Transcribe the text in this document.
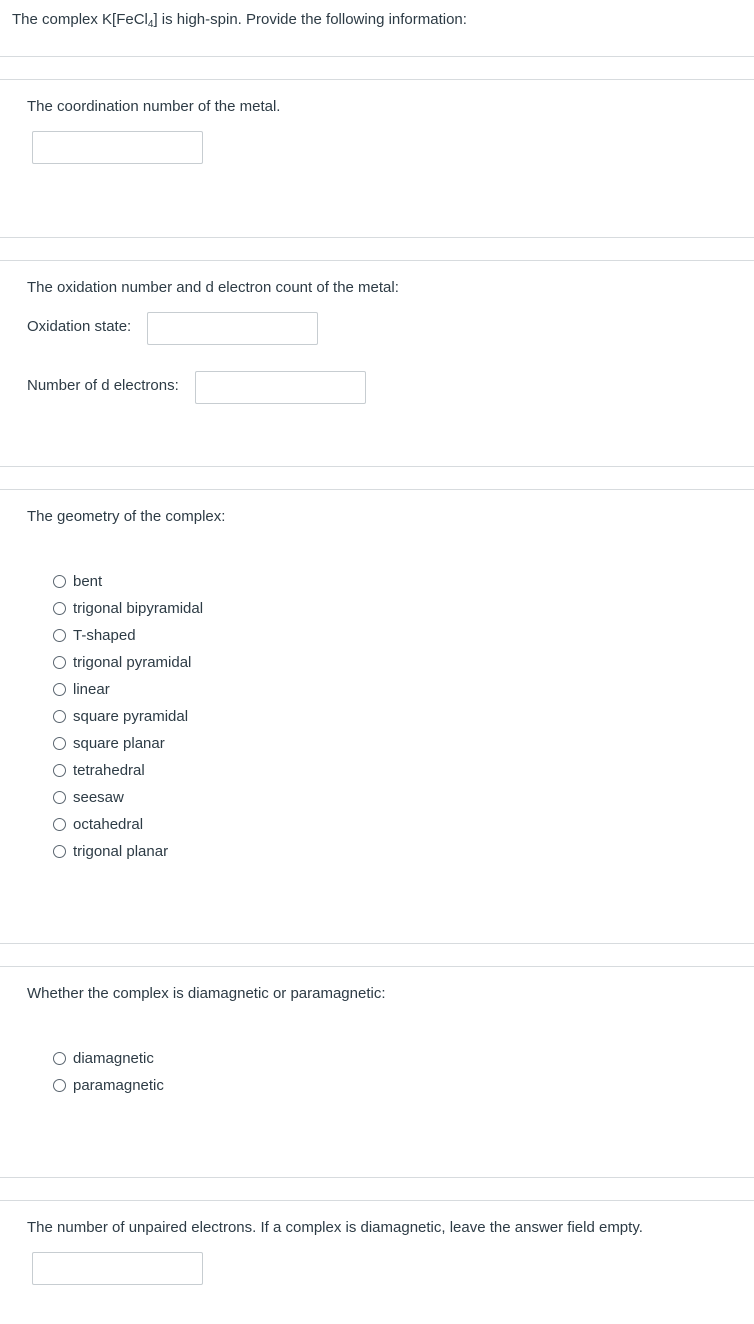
The complex K[FeCl$_4$] is high-spin. Provide the following information:
The coordination number of the metal.
The oxidation number and d electron count of the metal:
Oxidation state:
Number of d electrons:
The geometry of the complex:
bent
trigonal bipyramidal
T-shaped
trigonal pyramidal
linear
square pyramidal
square planar
tetrahedral
seesaw
octahedral
trigonal planar
Whether the complex is diamagnetic or paramagnetic:
diamagnetic
paramagnetic
The number of unpaired electrons. If a complex is diamagnetic, leave the answer field empty.
